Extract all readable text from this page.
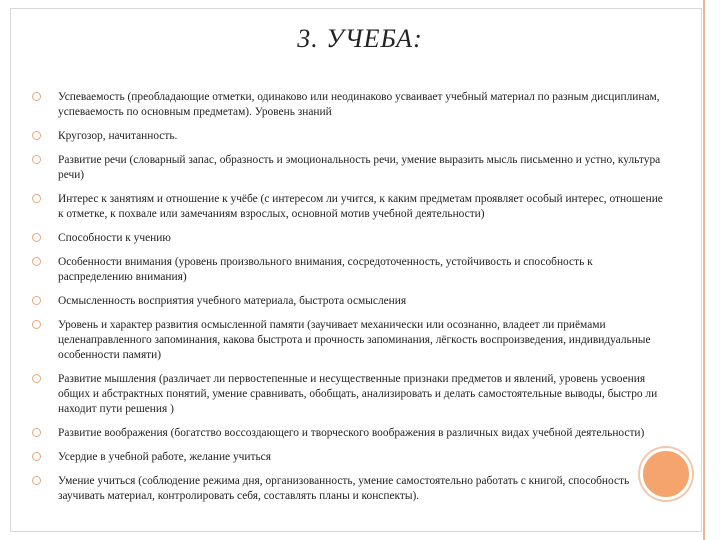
3. УЧЕБА:
Успеваемость (преобладающие отметки, одинаково или неодинаково усваивает учебный материал по разным дисциплинам, успеваемость по основным предметам). Уровень знаний
Кругозор, начитанность.
Развитие речи (словарный запас, образность и эмоциональность речи, умение выразить мысль письменно и устно, культура речи)
Интерес к занятиям и отношение к учёбе (с интересом ли учится, к каким предметам проявляет особый интерес, отношение к отметке, к похвале или замечаниям взрослых, основной мотив учебной деятельности)
Способности к учению
Особенности внимания (уровень произвольного внимания, сосредоточенность, устойчивость и способность к распределению внимания)
Осмысленность восприятия учебного материала, быстрота осмысления
Уровень и характер развития осмысленной памяти (заучивает механически или осознанно, владеет ли приёмами целенаправленного запоминания, какова быстрота и прочность запоминания, лёгкость воспроизведения, индивидуальные особенности памяти)
Развитие мышления (различает ли первостепенные и несущественные признаки предметов и явлений, уровень усвоения общих и абстрактных понятий, умение сравнивать, обобщать, анализировать и делать самостоятельные выводы, быстро ли находит пути решения )
Развитие воображения (богатство воссоздающего и творческого воображения в различных видах учебной деятельности)
Усердие в учебной работе, желание учиться
Умение учиться (соблюдение режима дня, организованность, умение самостоятельно работать с книгой, способность заучивать материал, контролировать себя, составлять планы и конспекты).
